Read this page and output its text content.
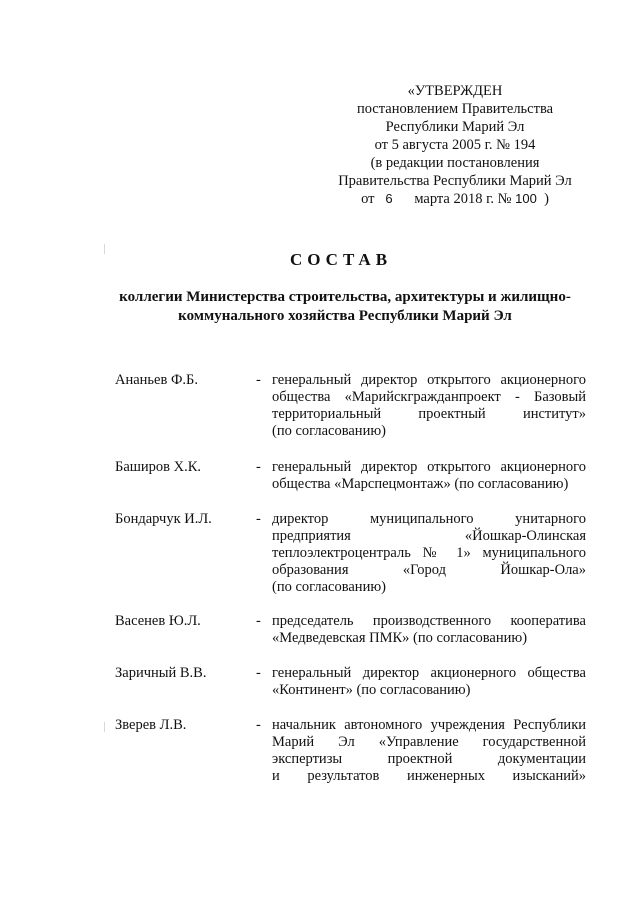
«УТВЕРЖДЕН
постановлением Правительства
Республики Марий Эл
от 5 августа 2005 г. № 194
(в редакции постановления
Правительства Республики Марий Эл
от 6 марта 2018 г. № 100 )
СОСТАВ
коллегии Министерства строительства, архитектуры и жилищно-
коммунального хозяйства Республики Марий Эл
Ананьев Ф.Б.	- генеральный директор открытого акционерного
общества «Марийскгражданпроект - Базовый
территориальный проектный институт»
(по согласованию)
Баширов Х.К.	- генеральный директор открытого акционерного
общества «Марспецмонтаж» (по согласованию)
Бондарчук И.Л.	- директор муниципального унитарного
предприятия «Йошкар-Олинская
теплоэлектроцентраль № 1» муниципального
образования «Город Йошкар-Ола»
(по согласованию)
Васенев Ю.Л.	- председатель производственного кооператива
«Медведевская ПМК» (по согласованию)
Заричный В.В.	- генеральный директор акционерного общества
«Континент» (по согласованию)
Зверев Л.В.	- начальник автономного учреждения Республики
Марий Эл «Управление государственной
экспертизы проектной документации
и результатов инженерных изысканий»
